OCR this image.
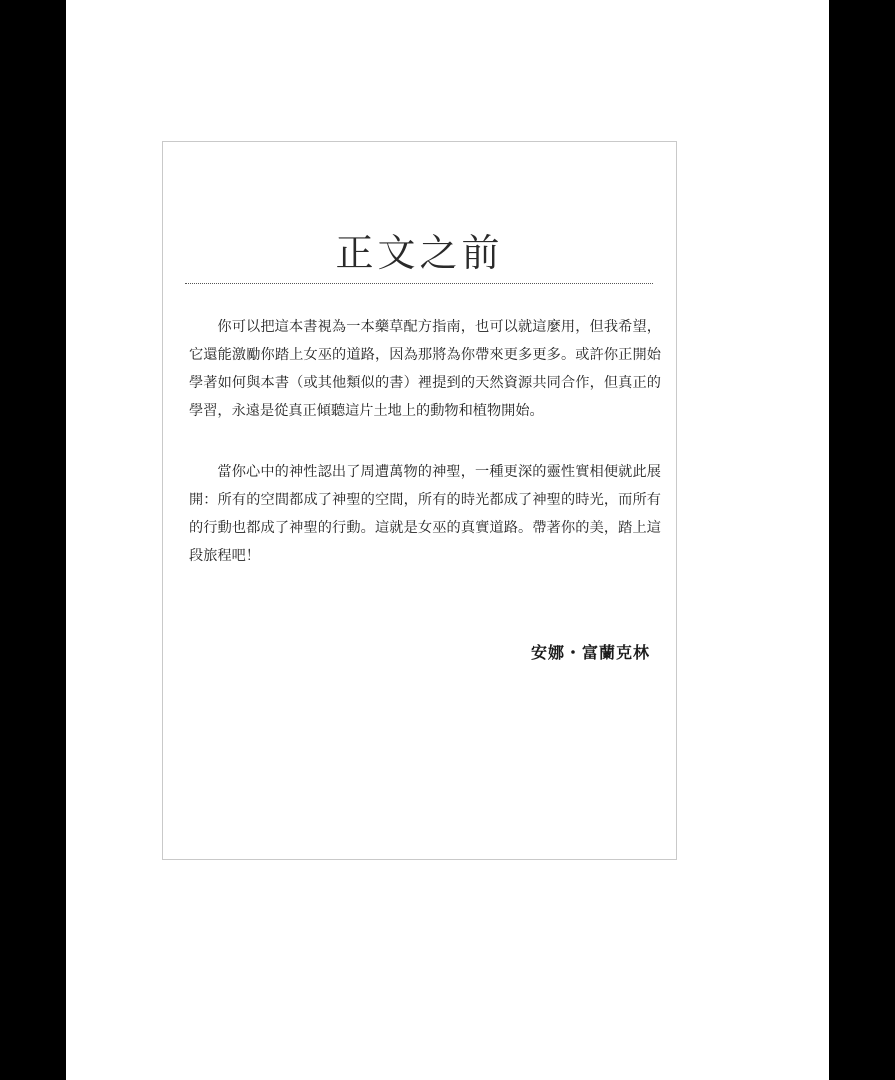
正文之前

你可以把這本書視為一本藥草配方指南，也可以就這麼用，但我希望，它還能激勵你踏上女巫的道路，因為那將為你帶來更多更多。或許你正開始學著如何與本書（或其他類似的書）裡提到的天然資源共同合作，但真正的學習，永遠是從真正傾聽這片土地上的動物和植物開始。

當你心中的神性認出了周遭萬物的神聖，一種更深的靈性實相便就此展開：所有的空間都成了神聖的空間，所有的時光都成了神聖的時光，而所有的行動也都成了神聖的行動。這就是女巫的真實道路。帶著你的美，踏上這段旅程吧！

安娜・富蘭克林
